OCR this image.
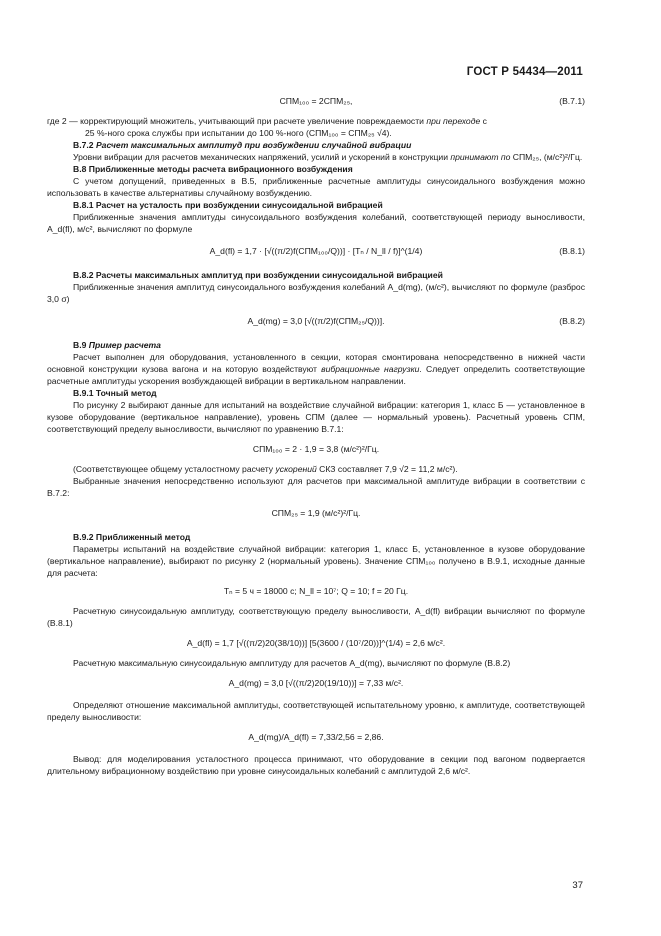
ГОСТ Р 54434—2011
СПМ₁₀₀ = 2СПМ₂₅,	(В.7.1)

где 2 — корректирующий множитель, учитывающий при расчете увеличение повреждаемости при переходе с
25 %-ного срока службы при испытании до 100 %-ного (СПМ₁₀₀ = СПМ₂₅ √4).

В.7.2 Расчет максимальных амплитуд при возбуждении случайной вибрации

Уровни вибрации для расчетов механических напряжений, усилий и ускорений в конструкции принимают по СПМ₂₅, (м/с²)²/Гц.

В.8 Приближенные методы расчета вибрационного возбуждения

С учетом допущений, приведенных в В.5, приближенные расчетные амплитуды синусоидального возбуждения можно использовать в качестве альтернативы случайному возбуждению.

В.8.1 Расчет на усталость при возбуждении синусоидальной вибрацией

Приближенные значения амплитуды синусоидального возбуждения колебаний, соответствующей периоду выносливости, A_d(fl), м/с², вычисляют по формуле

A_d(fl) = 1,7 · [√((π/2)f(СПМ₁₀₀/Q))] · [Tₙ / N_ll / f)]^(1/4)	(В.8.1)

В.8.2 Расчеты максимальных амплитуд при возбуждении синусоидальной вибрацией

Приближенные значения амплитуд синусоидального возбуждения колебаний A_d(mg), (м/с²), вычисляют по формуле (разброс 3,0 σ)

A_d(mg) = 3,0 [√((π/2)f(СПМ₂₅/Q))].	(В.8.2)

В.9 Пример расчета

Расчет выполнен для оборудования, установленного в секции, которая смонтирована непосредственно в нижней части основной конструкции кузова вагона и на которую воздействуют вибрационные нагрузки. Следует определить соответствующие расчетные амплитуды ускорения возбуждающей вибрации в вертикальном направлении.

В.9.1 Точный метод

По рисунку 2 выбирают данные для испытаний на воздействие случайной вибрации: категория 1, класс Б — установленное в кузове оборудование (вертикальное направление), уровень СПМ (далее — нормальный уровень). Расчетный уровень СПМ, соответствующий пределу выносливости, вычисляют по уравнению В.7.1:

СПМ₁₀₀ = 2 · 1,9 = 3,8 (м/с²)²/Гц.

(Соответствующее общему усталостному расчету ускорений СКЗ составляет 7,9 √2 = 11,2 м/с²).

Выбранные значения непосредственно используют для расчетов при максимальной амплитуде вибрации в соответствии с В.7.2:

СПМ₂₅ = 1,9 (м/с²)²/Гц.

В.9.2 Приближенный метод

Параметры испытаний на воздействие случайной вибрации: категория 1, класс Б, установленное в кузове оборудование (вертикальное направление), выбирают по рисунку 2 (нормальный уровень). Значение СПМ₁₀₀ получено в В.9.1, исходные данные для расчета:

Tₙ = 5 ч = 18000 с; N_ll = 10⁷; Q = 10; f = 20 Гц.

Расчетную синусоидальную амплитуду, соответствующую пределу выносливости, A_d(fl) вибрации вычисляют по формуле (В.8.1)

A_d(fl) = 1,7 [√((π/2)20(38/10))] [5(3600 / (10⁷/20))]^(1/4) = 2,6 м/с².

Расчетную максимальную синусоидальную амплитуду для расчетов A_d(mg), вычисляют по формуле (В.8.2)

A_d(mg) = 3,0 [√((π/2)20(19/10))] = 7,33 м/с².

Определяют отношение максимальной амплитуды, соответствующей испытательному уровню, к амплитуде, соответствующей пределу выносливости:

A_d(mg)/A_d(fl) = 7,33/2,56 = 2,86.

Вывод: для моделирования усталостного процесса принимают, что оборудование в секции под вагоном подвергается длительному вибрационному воздействию при уровне синусоидальных колебаний с амплитудой 2,6 м/с².

37
